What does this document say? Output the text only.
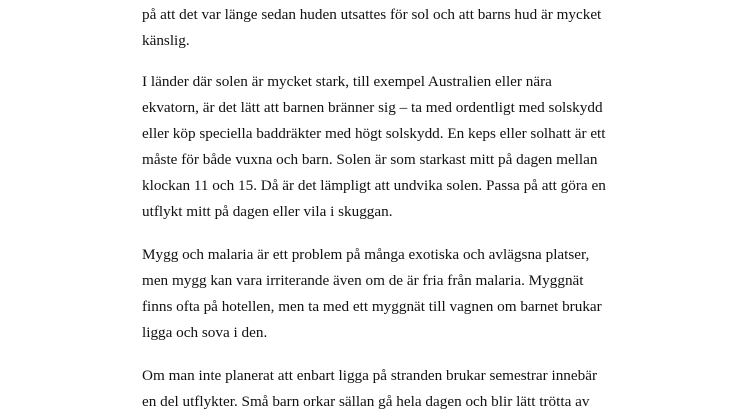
på att det var länge sedan huden utsattes för sol och att barns hud är mycket
känslig.

I länder där solen är mycket stark, till exempel Australien eller nära
ekvatorn, är det lätt att barnen bränner sig – ta med ordentligt med solskydd
eller köp speciella baddräkter med högt solskydd. En keps eller solhatt är ett
måste för både vuxna och barn. Solen är som starkast mitt på dagen mellan
klockan 11 och 15. Då är det lämpligt att undvika solen. Passa på att göra en
utflykt mitt på dagen eller vila i skuggan.

Mygg och malaria är ett problem på många exotiska och avlägsna platser,
men mygg kan vara irriterande även om de är fria från malaria. Myggnät
finns ofta på hotellen, men ta med ett myggnät till vagnen om barnet brukar
ligga och sova i den.

Om man inte planerat att enbart ligga på stranden brukar semestrar innebär
en del utflykter. Små barn orkar sällan gå hela dagen och blir lätt trötta av
